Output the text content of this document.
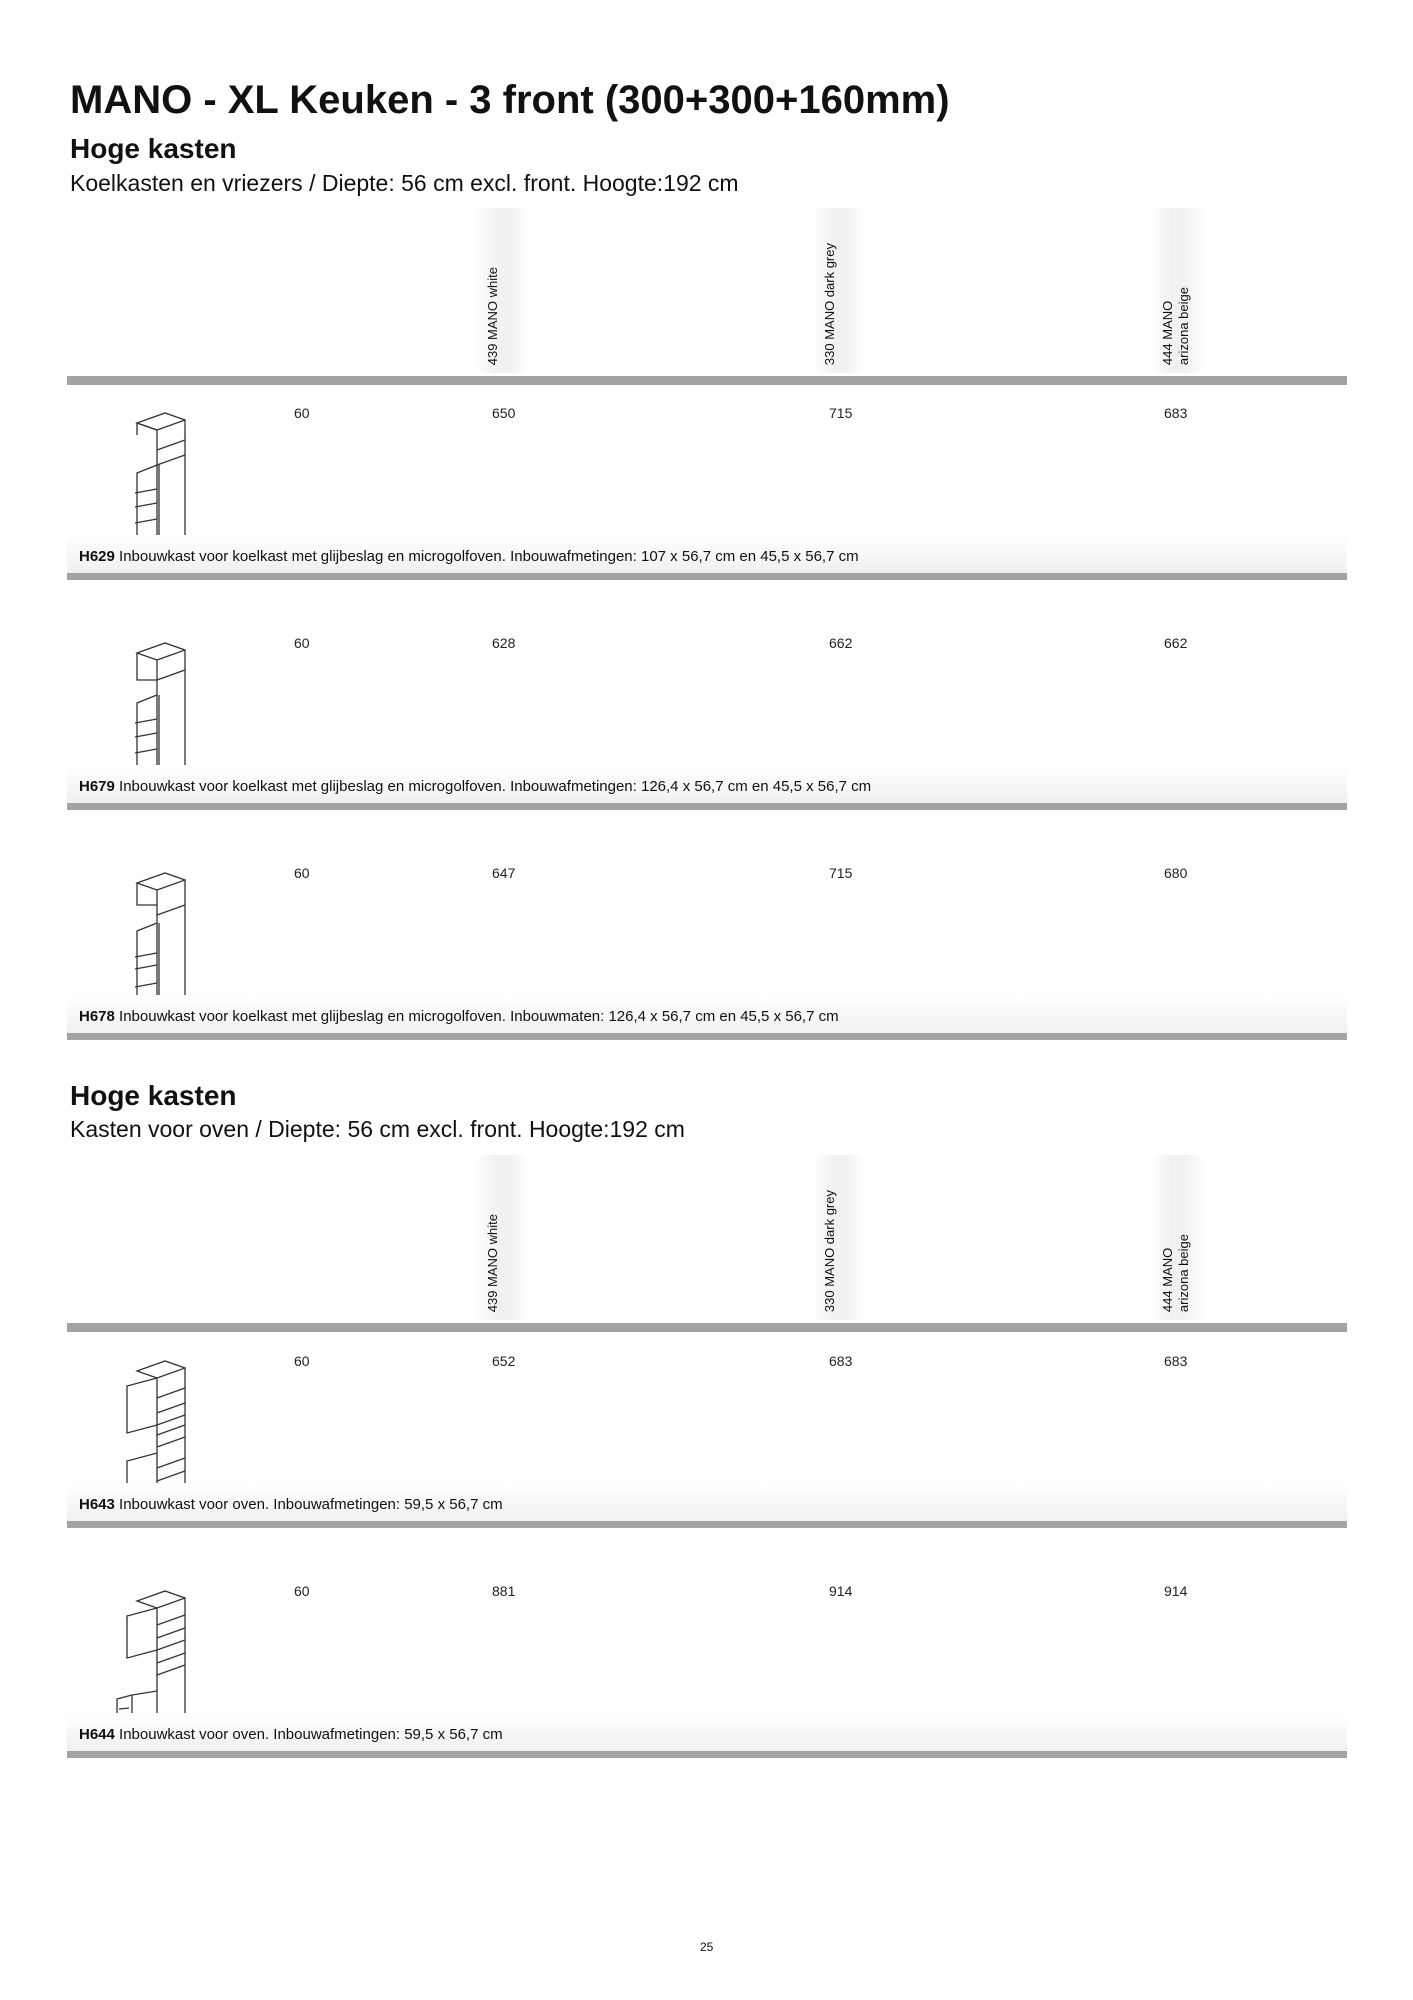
MANO - XL Keuken - 3 front (300+300+160mm)
Hoge kasten

Koelkasten en vriezers / Diepte: 56 cm excl. front. Hoogte:192 cm

439 MANO white	330 MANO dark grey	444 MANO
arizona beige
60	650	715	683
H629 Inbouwkast voor koelkast met glijbeslag en microgolfoven. Inbouwafmetingen: 107 x 56,7 cm en 45,5 x 56,7 cm
60	628	662	662
H679 Inbouwkast voor koelkast met glijbeslag en microgolfoven. Inbouwafmetingen: 126,4 x 56,7 cm en 45,5 x 56,7 cm
60	647	715	680
H678 Inbouwkast voor koelkast met glijbeslag en microgolfoven. Inbouwmaten: 126,4 x 56,7 cm en 45,5 x 56,7 cm
Hoge kasten

Kasten voor oven / Diepte: 56 cm excl. front. Hoogte:192 cm

439 MANO white	330 MANO dark grey	444 MANO
arizona beige
60	652	683	683
H643 Inbouwkast voor oven. Inbouwafmetingen: 59,5 x 56,7 cm
60	881	914	914
H644 Inbouwkast voor oven. Inbouwafmetingen: 59,5 x 56,7 cm
25
